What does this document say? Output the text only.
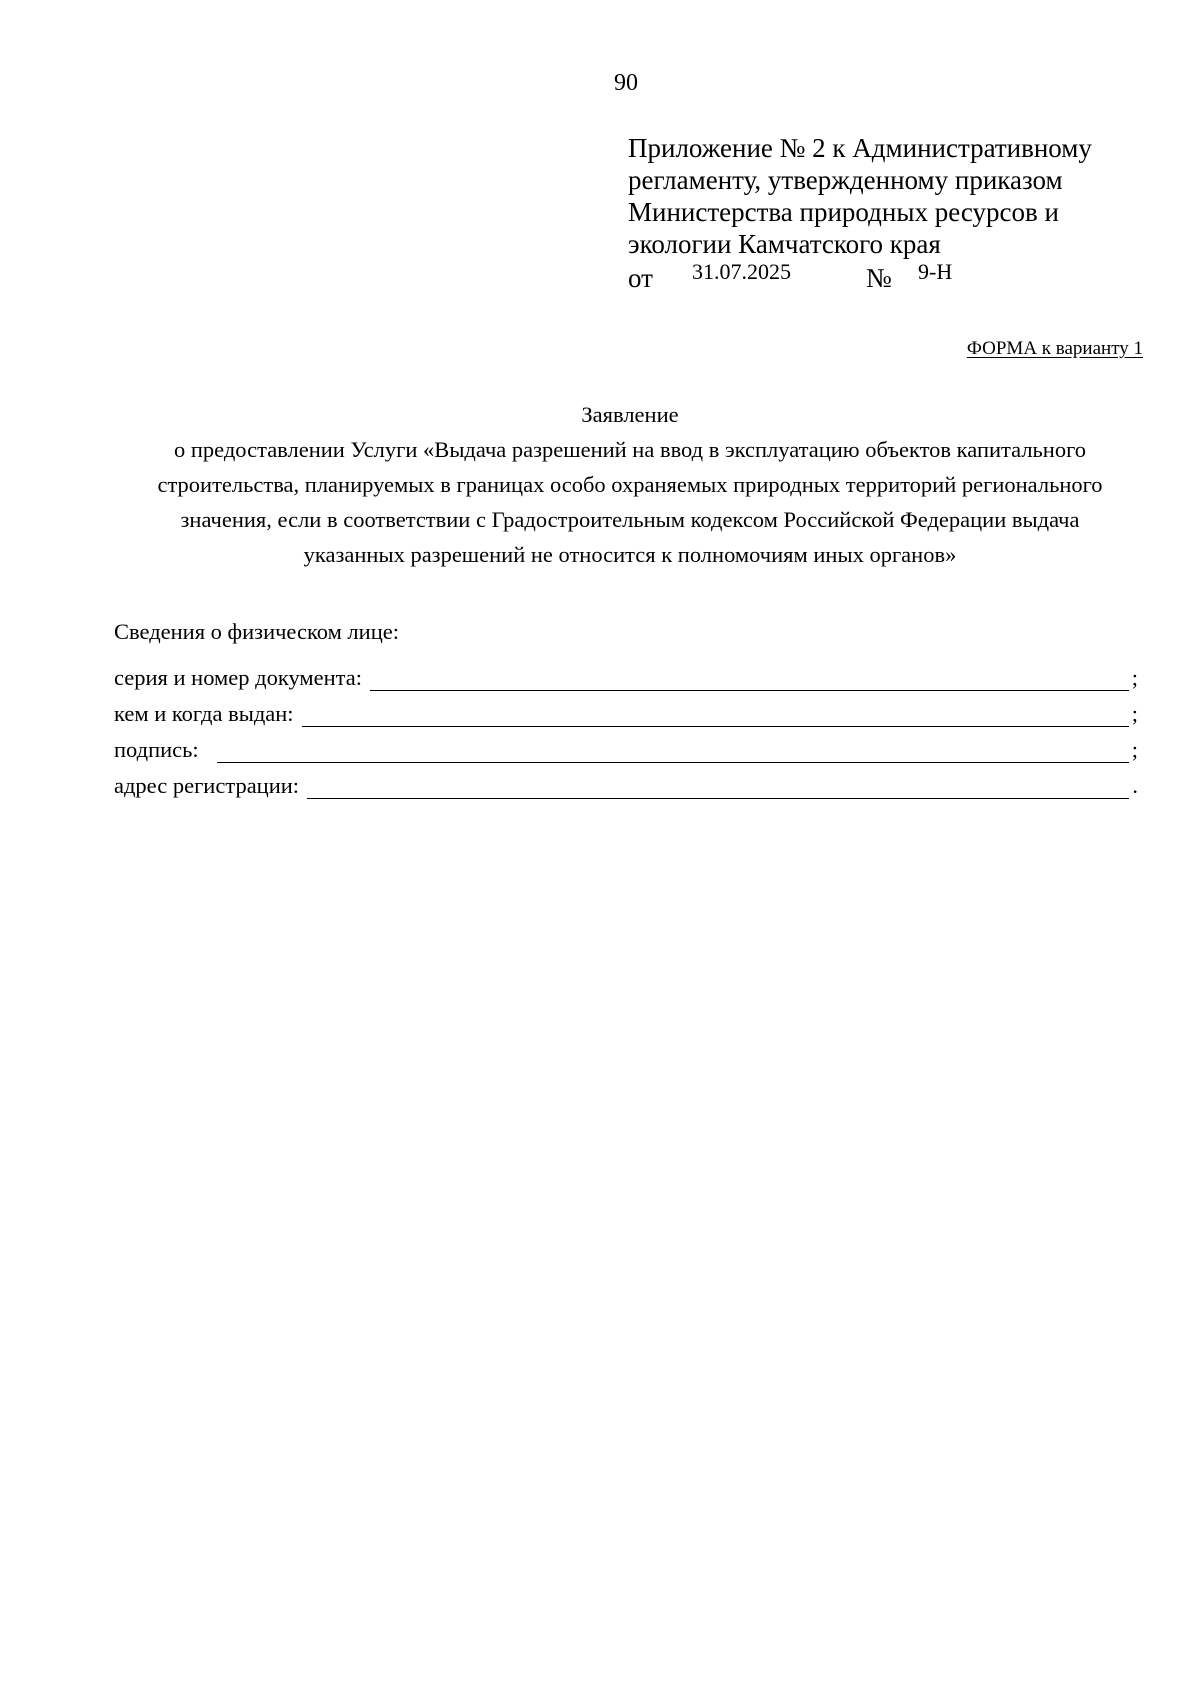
90
Приложение № 2 к Административному
регламенту, утвержденному приказом
Министерства природных ресурсов и
экологии Камчатского края
от 31.07.2025	№ 9-Н
ФОРМА к варианту 1
Заявление
о предоставлении Услуги «Выдача разрешений на ввод в эксплуатацию объектов капитального
строительства, планируемых в границах особо охраняемых природных территорий регионального
значения, если в соответствии с Градостроительным кодексом Российской Федерации выдача
указанных разрешений не относится к полномочиям иных органов»
Сведения о физическом лице:
серия и номер документа:	;
кем и когда выдан:	;
подпись:	;
адрес регистрации:	.
